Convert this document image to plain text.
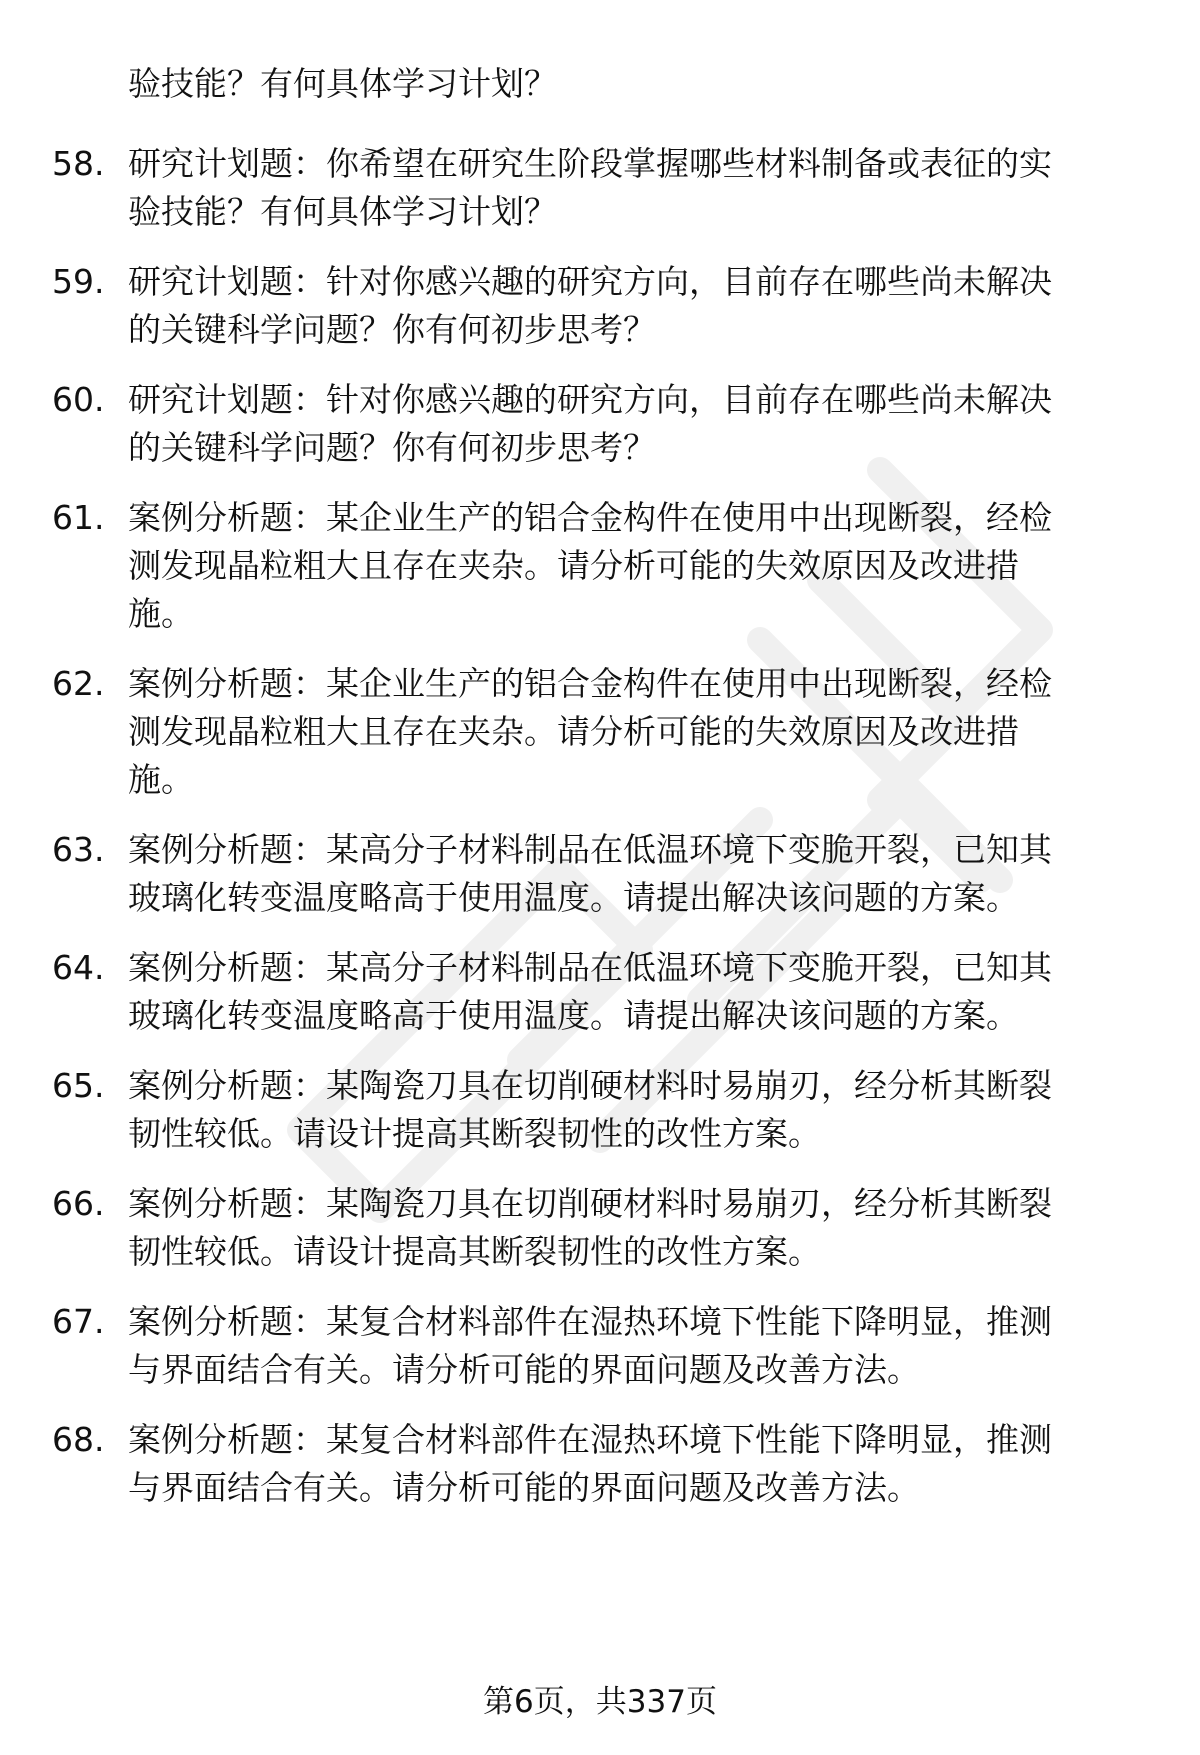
验技能？有何具体学习计划？
58. 研究计划题：你希望在研究生阶段掌握哪些材料制备或表征的实
验技能？有何具体学习计划？
59. 研究计划题：针对你感兴趣的研究方向，目前存在哪些尚未解决
的关键科学问题？你有何初步思考？
60. 研究计划题：针对你感兴趣的研究方向，目前存在哪些尚未解决
的关键科学问题？你有何初步思考？
61. 案例分析题：某企业生产的铝合金构件在使用中出现断裂，经检
测发现晶粒粗大且存在夹杂。请分析可能的失效原因及改进措
施。
62. 案例分析题：某企业生产的铝合金构件在使用中出现断裂，经检
测发现晶粒粗大且存在夹杂。请分析可能的失效原因及改进措
施。
63. 案例分析题：某高分子材料制品在低温环境下变脆开裂，已知其
玻璃化转变温度略高于使用温度。请提出解决该问题的方案。
64. 案例分析题：某高分子材料制品在低温环境下变脆开裂，已知其
玻璃化转变温度略高于使用温度。请提出解决该问题的方案。
65. 案例分析题：某陶瓷刀具在切削硬材料时易崩刃，经分析其断裂
韧性较低。请设计提高其断裂韧性的改性方案。
66. 案例分析题：某陶瓷刀具在切削硬材料时易崩刃，经分析其断裂
韧性较低。请设计提高其断裂韧性的改性方案。
67. 案例分析题：某复合材料部件在湿热环境下性能下降明显，推测
与界面结合有关。请分析可能的界面问题及改善方法。
68. 案例分析题：某复合材料部件在湿热环境下性能下降明显，推测
与界面结合有关。请分析可能的界面问题及改善方法。
第6页，共337页
